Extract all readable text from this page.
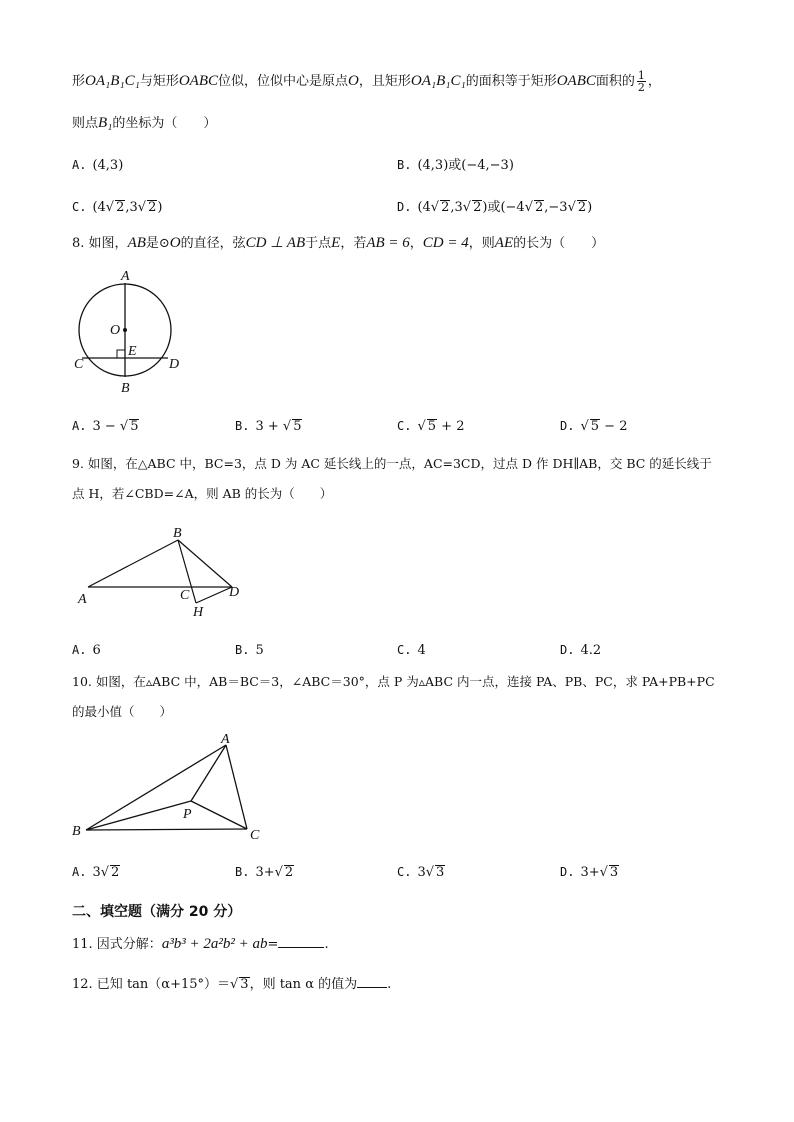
形OA₁B₁C₁与矩形OABC位似，位似中心是原点O，且矩形OA₁B₁C₁的面积等于矩形OABC面积的 $\frac{1}{2}$ ，
则点B₁的坐标为（　　）
A. (4,3)	B. (4,3)或(−4,−3)
C. (4√ 2,3√ 2)	D. (4√ 2,3√ 2)或(−4√ 2,−3√ 2)
8. 如图，AB是⊙O的直径，弦CD ⊥ AB于点E，若AB = 6，CD = 4，则AE的长为（　　）
A
O
E
C	D
B
A. 3 − √ 5	B. 3 + √ 5	C. √ 5 + 2	D. √ 5 − 2
9. 如图，在△ABC 中，BC=3，点 D 为 AC 延长线上的一点，AC=3CD，过点 D 作 DH∥AB，交 BC 的延长线于
点 H，若∠CBD=∠A，则 AB 的长为（　　）
B
A	C	D
H
A. 6	B. 5	C. 4	D. 4.2
10. 如图，在▵ABC 中，AB＝BC＝3，∠ABC＝30°，点 P 为▵ABC 内一点，连接 PA、PB、PC，求 PA+PB+PC
的最小值（　　）
A
B	C
P
A. 3√ 2	B. 3+√ 2	C. 3√ 3	D. 3+√ 3
二、填空题（满分 20 分）
11. 因式分解：a³b³ + 2a²b² + ab=	.
12. 已知 tan（α+15°）＝√ 3，则 tan α 的值为 .
